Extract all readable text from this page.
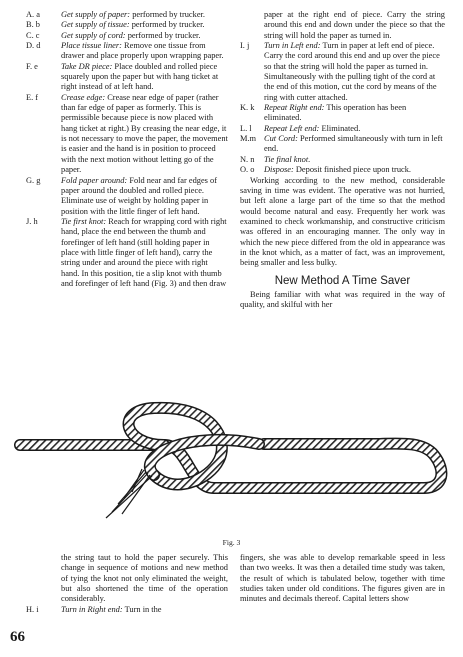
A. a	Get supply of paper: performed by trucker.
B. b	Get supply of tissue: performed by trucker.
C. c	Get supply of cord: performed by trucker.
D. d Place tissue liner: Remove one tissue from drawer and place properly upon wrapping paper.
F. e	Take DR piece: Place doubled and rolled piece squarely upon the paper but with hang ticket at right instead of at left hand.
E. f	Crease edge: Crease near edge of paper (rather than far edge of paper as formerly. This is permissible because piece is now placed with hang ticket at right.) By creasing the near edge, it is not necessary to move the paper, the movement is easier and the hand is in position to proceed with the next motion without letting go of the paper.
G. g Fold paper around: Fold near and far edges of paper around the doubled and rolled piece. Eliminate use of weight by holding paper in position with the little finger of left hand.
J. h	Tie first knot: Reach for wrapping cord with right hand, place the end between the thumb and forefinger of left hand (still holding paper in place with little finger of left hand), carry the string under and around the piece with right hand. In this position, tie a slip knot with thumb and forefinger of left hand (Fig. 3) and then draw

paper at the right end of piece. Carry the string around this end and down under the piece so that the string will hold the paper as turned in.

I. j Turn in Left end: Turn in paper at left end of piece. Carry the cord around this end and up over the piece so that the string will hold the paper as turned in. Simultaneously with the pulling tight of the cord at the end of this motion, cut the cord by means of the ring with cutter attached.
K. k Repeat Right end: This operation has been eliminated.
L. l Repeat Left end: Eliminated.
M.m Cut Cord: Performed simultaneously with turn in left end.
N. n Tie final knot.
O. o Dispose: Deposit finished piece upon truck.

Working according to the new method, considerable saving in time was evident. The operative was not hurried, but left alone a large part of the time so that the method would become natural and easy. Frequently her work was examined to check workmanship, and constructive criticism was offered in an encouraging manner. The only way in which the new piece differed from the old in appearance was in the knot which, as a matter of fact, was an improvement, being smaller and less bulky.

New Method A Time Saver

Being familiar with what was required in the way of quality, and skilful with her

Fig. 3

the string taut to hold the paper securely. This change in sequence of motions and new method of tying the knot not only eliminated the weight, but also shortened the time of the operation considerably.

H. i	Turn in Right end: Turn in the

fingers, she was able to develop remarkable speed in less than two weeks. It was then a detailed time study was taken, the result of which is tabulated below, together with time studies taken under old conditions. The figures given are in minutes and decimals thereof. Capital letters show

66
